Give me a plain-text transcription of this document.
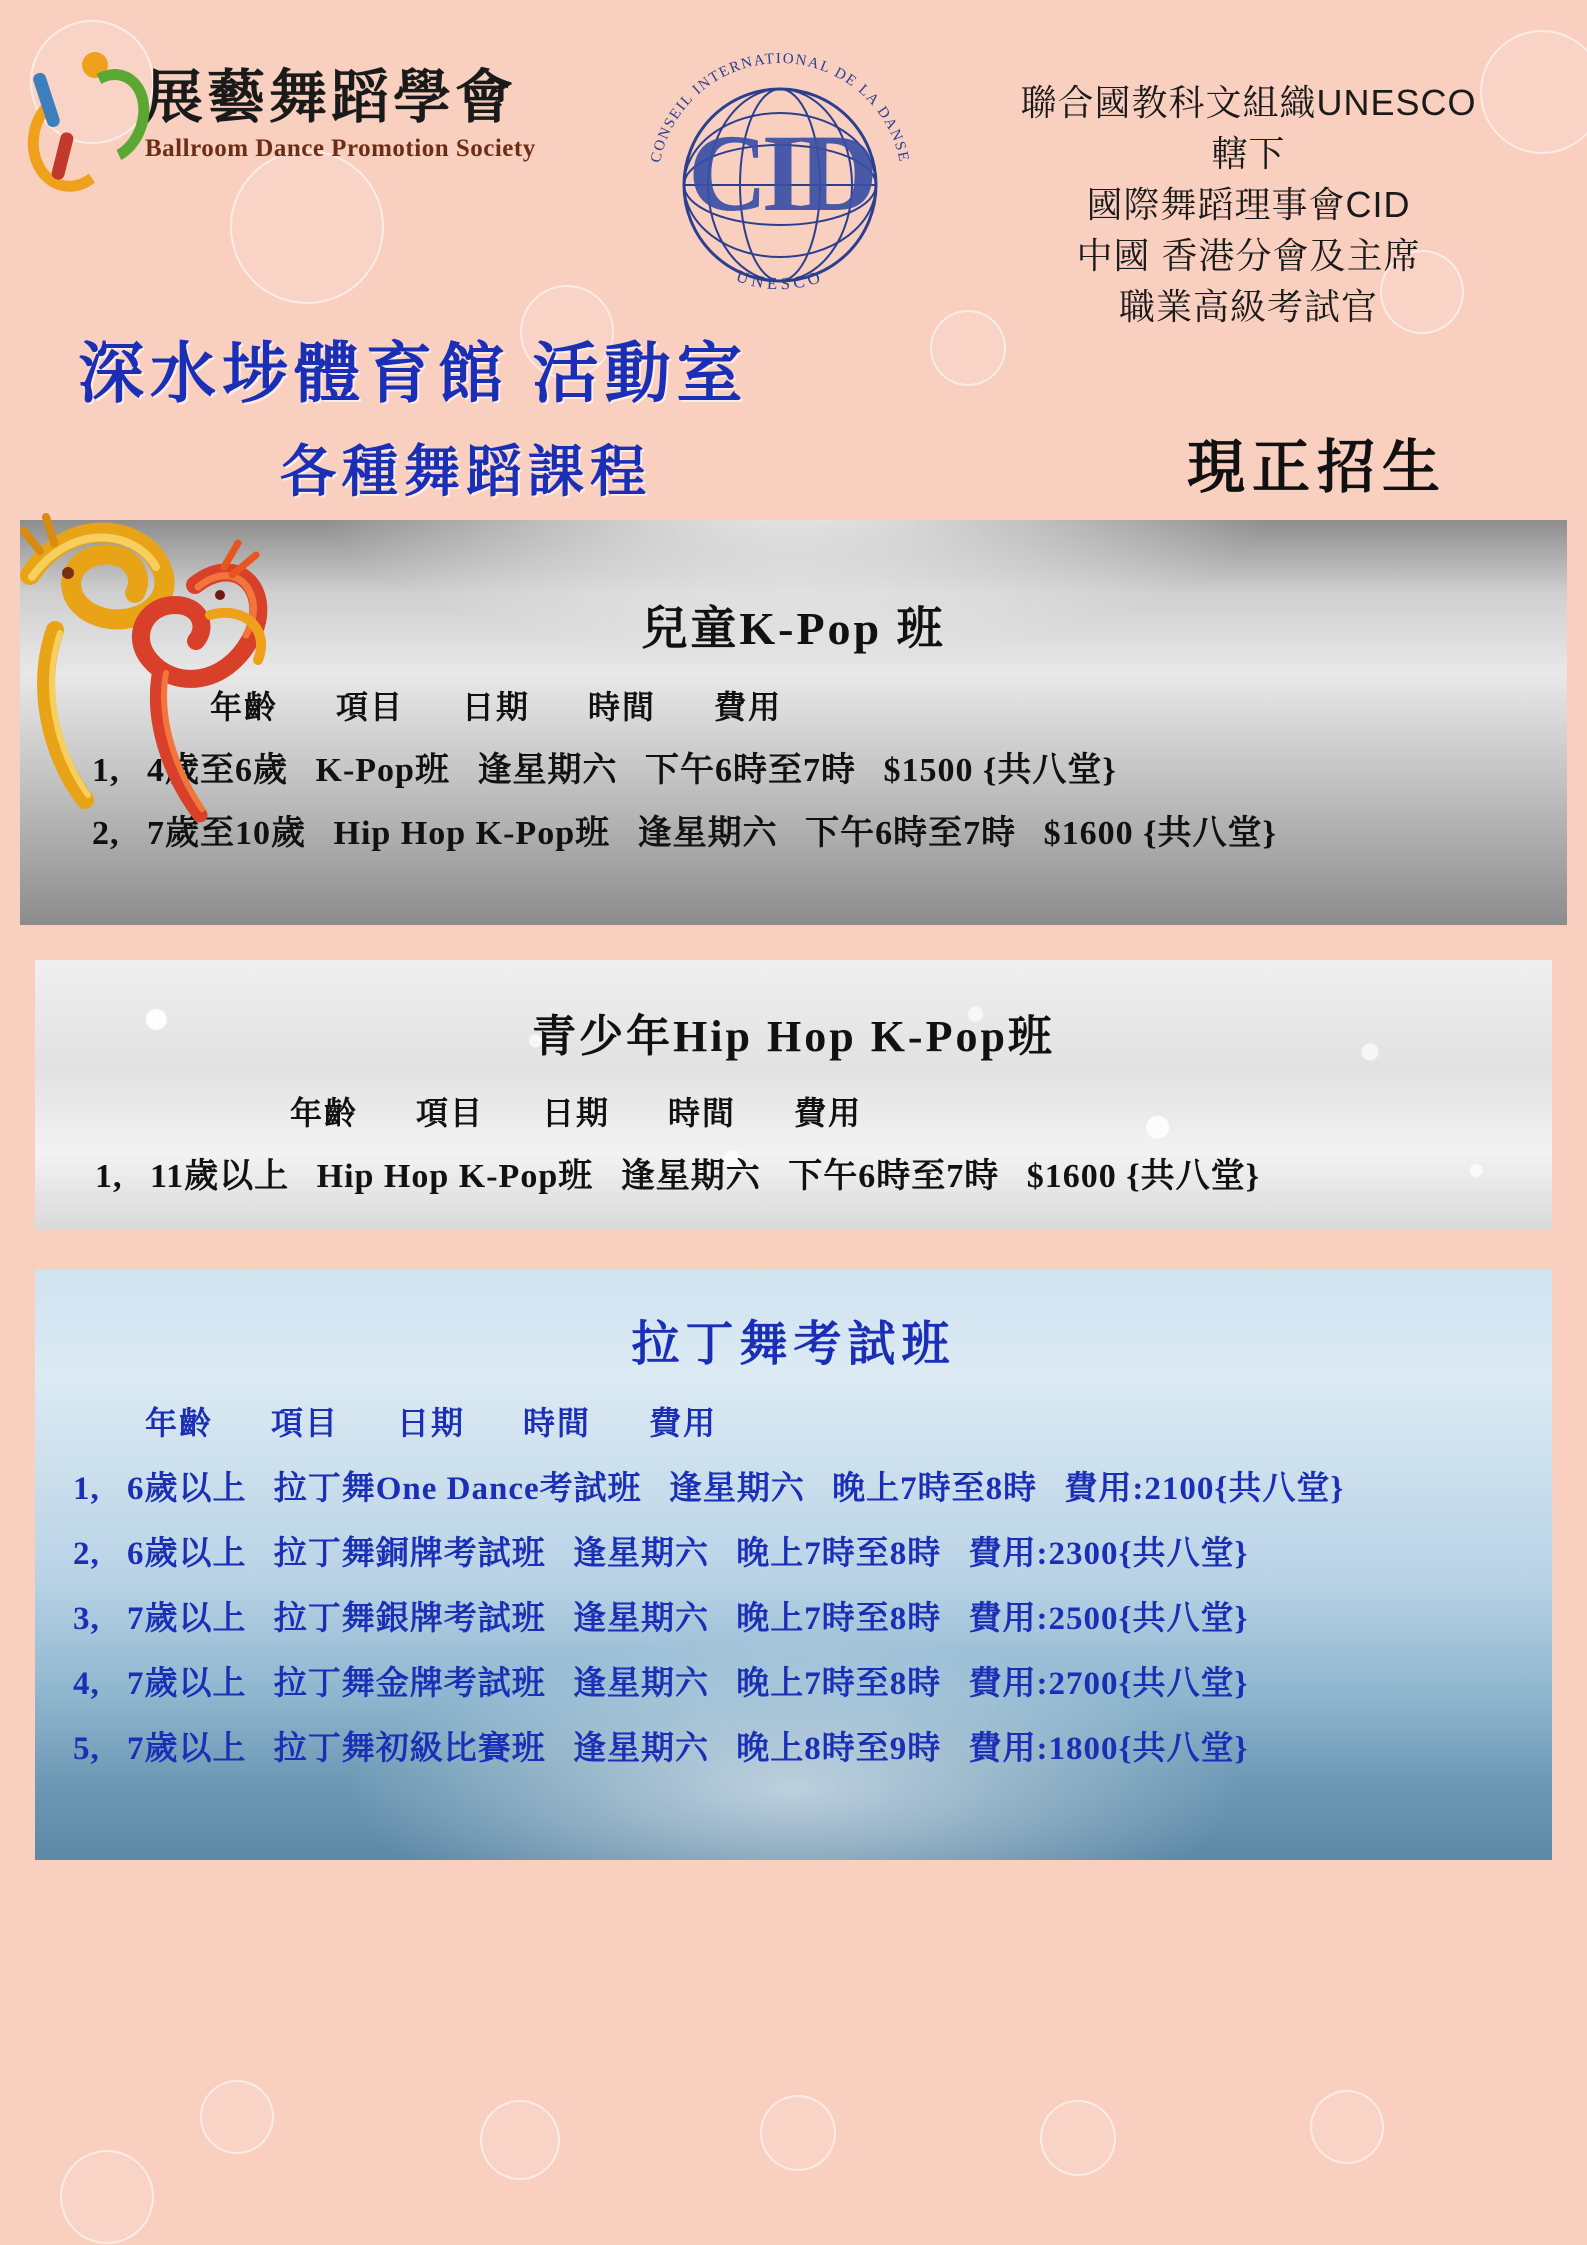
展藝舞蹈學會
Ballroom Dance Promotion Society	CONSEIL INTERNATIONAL DE LA DANSE
UNESCO
CID
聯合國教科文組織UNESCO
轄下
國際舞蹈理事會CID
中國 香港分會及主席
職業高級考試官
深水埗體育館 活動室
各種舞蹈課程	現正招生
兒童K-Pop 班
年齡 項目 日期 時間 費用
1, 4歲至6歲 K-Pop班 逢星期六 下午6時至7時 $1500 {共八堂}
2, 7歲至10歲 Hip Hop K-Pop班 逢星期六 下午6時至7時 $1600 {共八堂}
青少年Hip Hop K-Pop班
年齡 項目 日期 時間 費用
1, 11歲以上 Hip Hop K-Pop班 逢星期六 下午6時至7時 $1600 {共八堂}
拉丁舞考試班
年齡 項目 日期 時間 費用
1, 6歲以上 拉丁舞One Dance考試班 逢星期六 晚上7時至8時 費用:2100{共八堂}
2, 6歲以上 拉丁舞銅牌考試班 逢星期六 晚上7時至8時 費用:2300{共八堂}
3, 7歲以上 拉丁舞銀牌考試班 逢星期六 晚上7時至8時 費用:2500{共八堂}
4, 7歲以上 拉丁舞金牌考試班 逢星期六 晚上7時至8時 費用:2700{共八堂}
5, 7歲以上 拉丁舞初級比賽班 逢星期六 晚上8時至9時 費用:1800{共八堂}
